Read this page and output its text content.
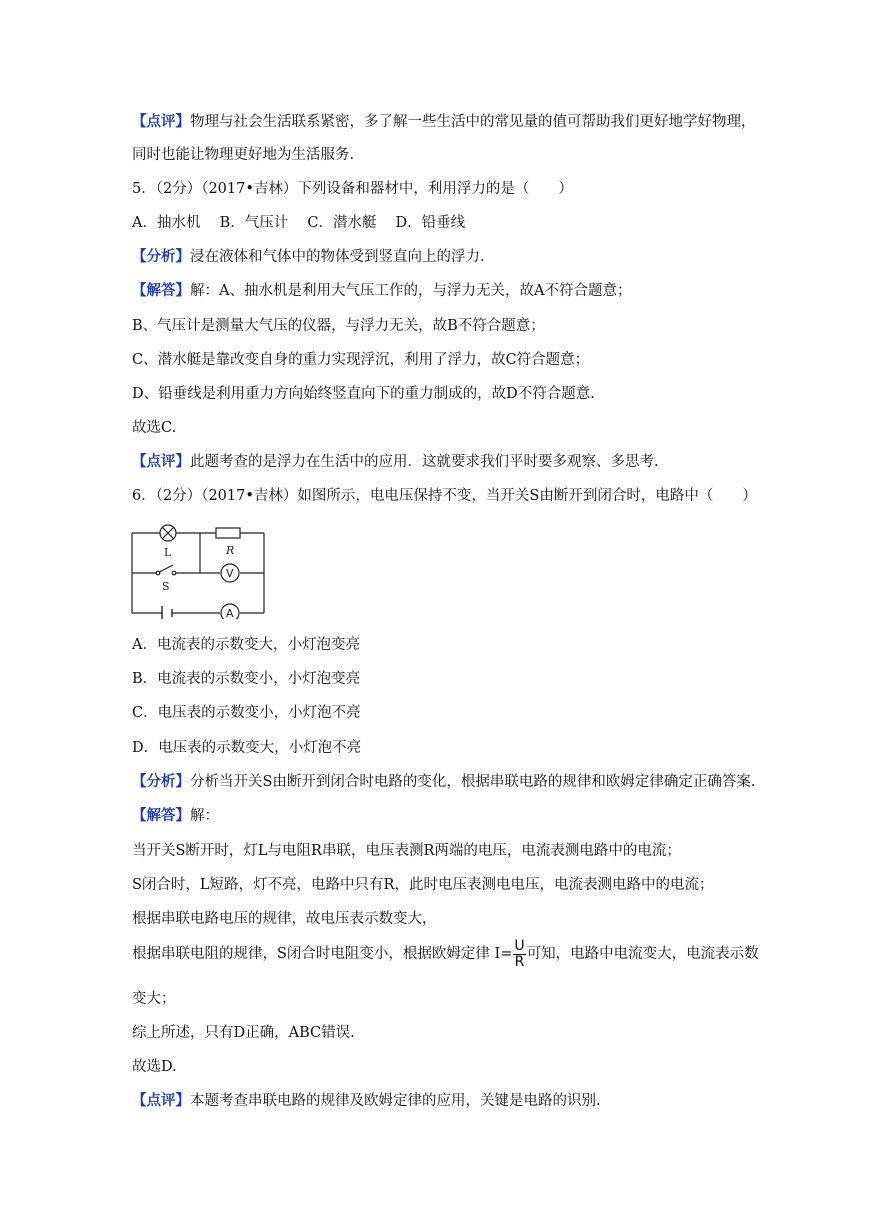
【点评】物理与社会生活联系紧密，多了解一些生活中的常见量的值可帮助我们更好地学好物理，
同时也能让物理更好地为生活服务.
5．（2分）（2017•吉林）下列设备和器材中，利用浮力的是（　　）
A．抽水机　 B．气压计　 C．潜水艇　 D．铅垂线
【分析】浸在液体和气体中的物体受到竖直向上的浮力.
【解答】解：A、抽水机是利用大气压工作的，与浮力无关，故A不符合题意；
B、气压计是测量大气压的仪器，与浮力无关，故B不符合题意；
C、潜水艇是靠改变自身的重力实现浮沉，利用了浮力，故C符合题意；
D、铅垂线是利用重力方向始终竖直向下的重力制成的，故D不符合题意.
故选C.
【点评】此题考查的是浮力在生活中的应用．这就要求我们平时要多观察、多思考.
6．（2分）（2017•吉林）如图所示，电电压保持不变，当开关S由断开到闭合时，电路中（　　）
L	R
S
V
A
A．电流表的示数变大，小灯泡变亮
B．电流表的示数变小，小灯泡变亮
C．电压表的示数变小，小灯泡不亮
D．电压表的示数变大，小灯泡不亮
【分析】分析当开关S由断开到闭合时电路的变化，根据串联电路的规律和欧姆定律确定正确答案.
【解答】解：
当开关S断开时，灯L与电阻R串联，电压表测R两端的电压，电流表测电路中的电流；
S闭合时，L短路，灯不亮，电路中只有R，此时电压表测电电压，电流表测电路中的电流；
根据串联电路电压的规律，故电压表示数变大，
根据串联电阻的规律，S闭合时电阻变小，根据欧姆定律 $I= \frac{U}{R}$ 可知，电路中电流变大，电流表示数
变大；
综上所述，只有D正确，ABC错误.
故选D.
【点评】本题考查串联电路的规律及欧姆定律的应用，关键是电路的识别.
